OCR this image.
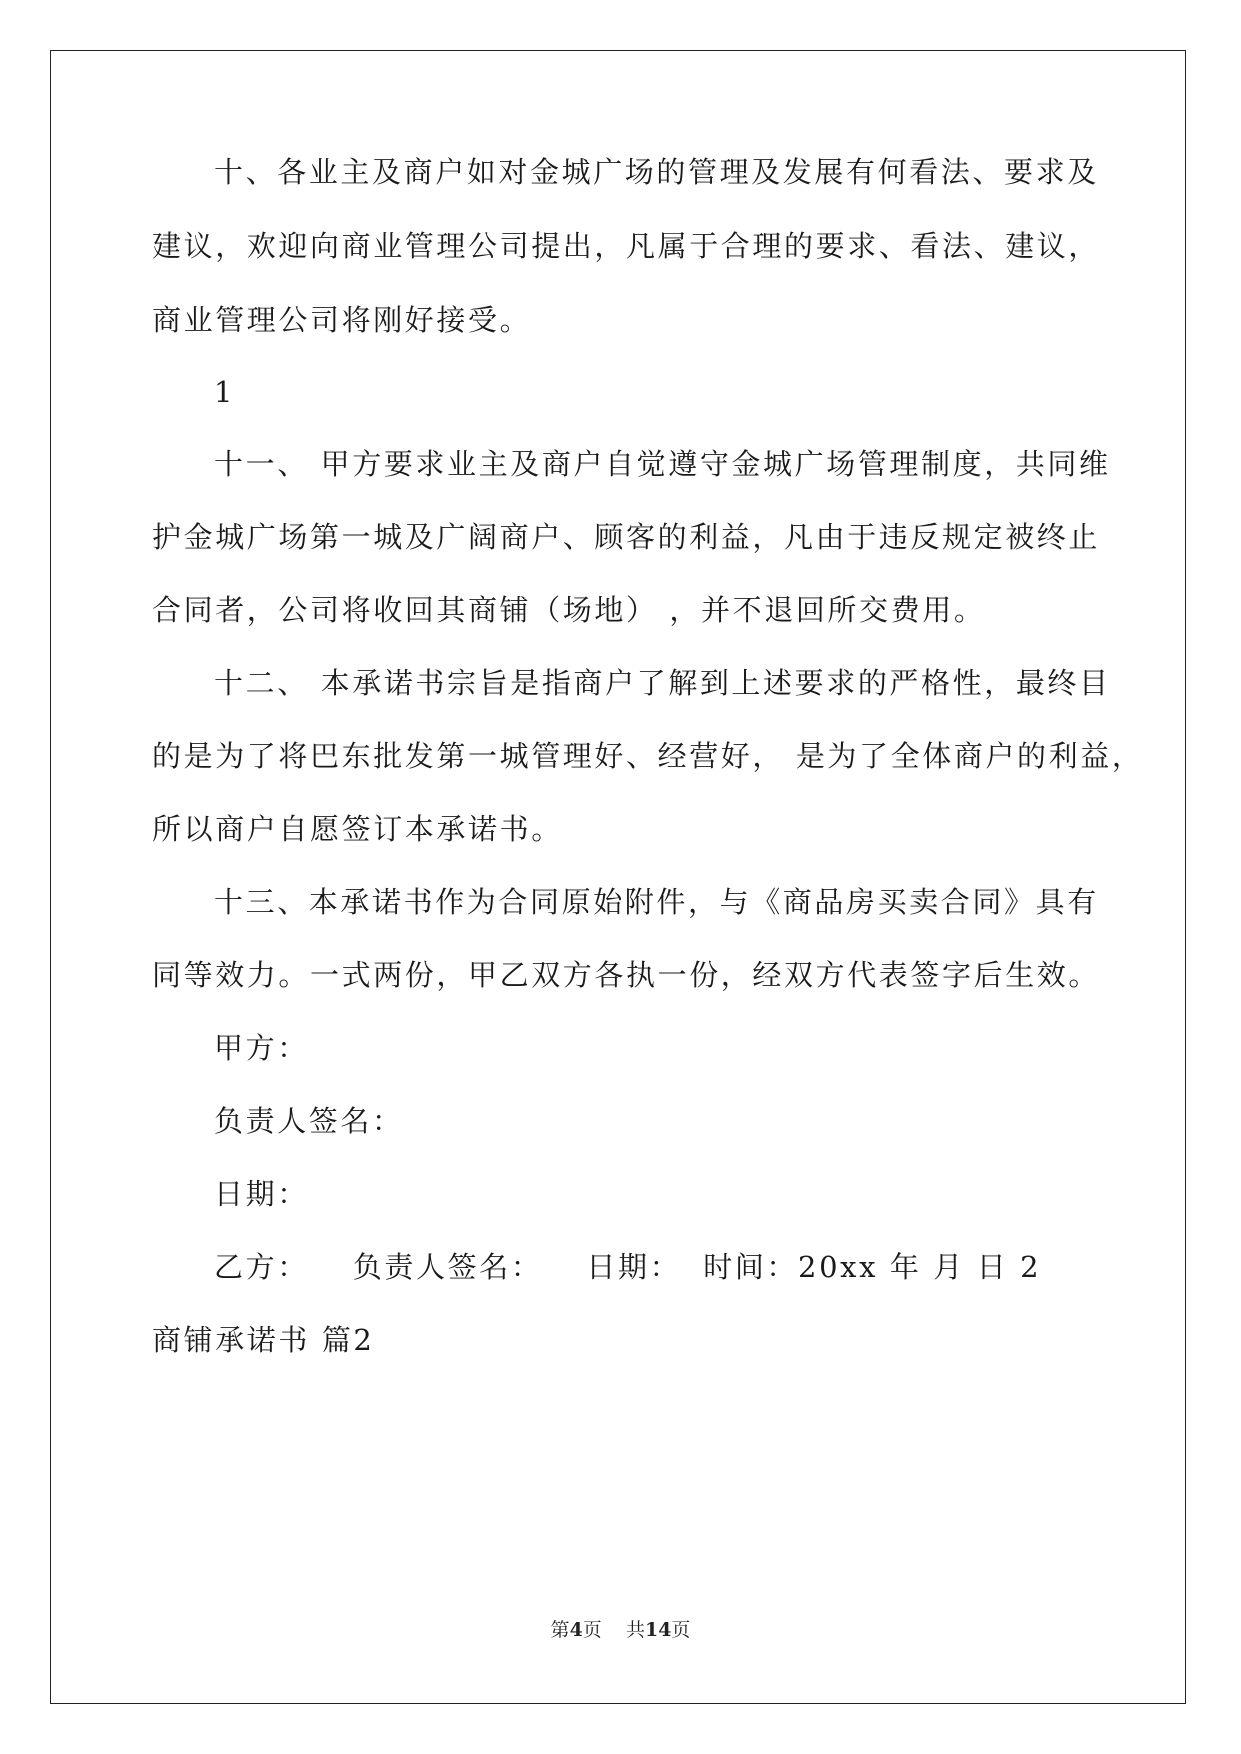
十、各业主及商户如对金城广场的管理及发展有何看法、要求及
建议，欢迎向商业管理公司提出，凡属于合理的要求、看法、建议，
商业管理公司将刚好接受。
1
十一、 甲方要求业主及商户自觉遵守金城广场管理制度，共同维
护金城广场第一城及广阔商户、顾客的利益，凡由于违反规定被终止
合同者，公司将收回其商铺（场地） ，并不退回所交费用。
十二、 本承诺书宗旨是指商户了解到上述要求的严格性，最终目
的是为了将巴东批发第一城管理好、经营好， 是为了全体商户的利益，
所以商户自愿签订本承诺书。
十三、本承诺书作为合同原始附件，与《商品房买卖合同》具有
同等效力。一式两份，甲乙双方各执一份，经双方代表签字后生效。
甲方：
负责人签名：
日期：
乙方： 负责人签名： 日期： 时间：20xx 年 月 日 2
商铺承诺书 篇2
第4页    共14页
